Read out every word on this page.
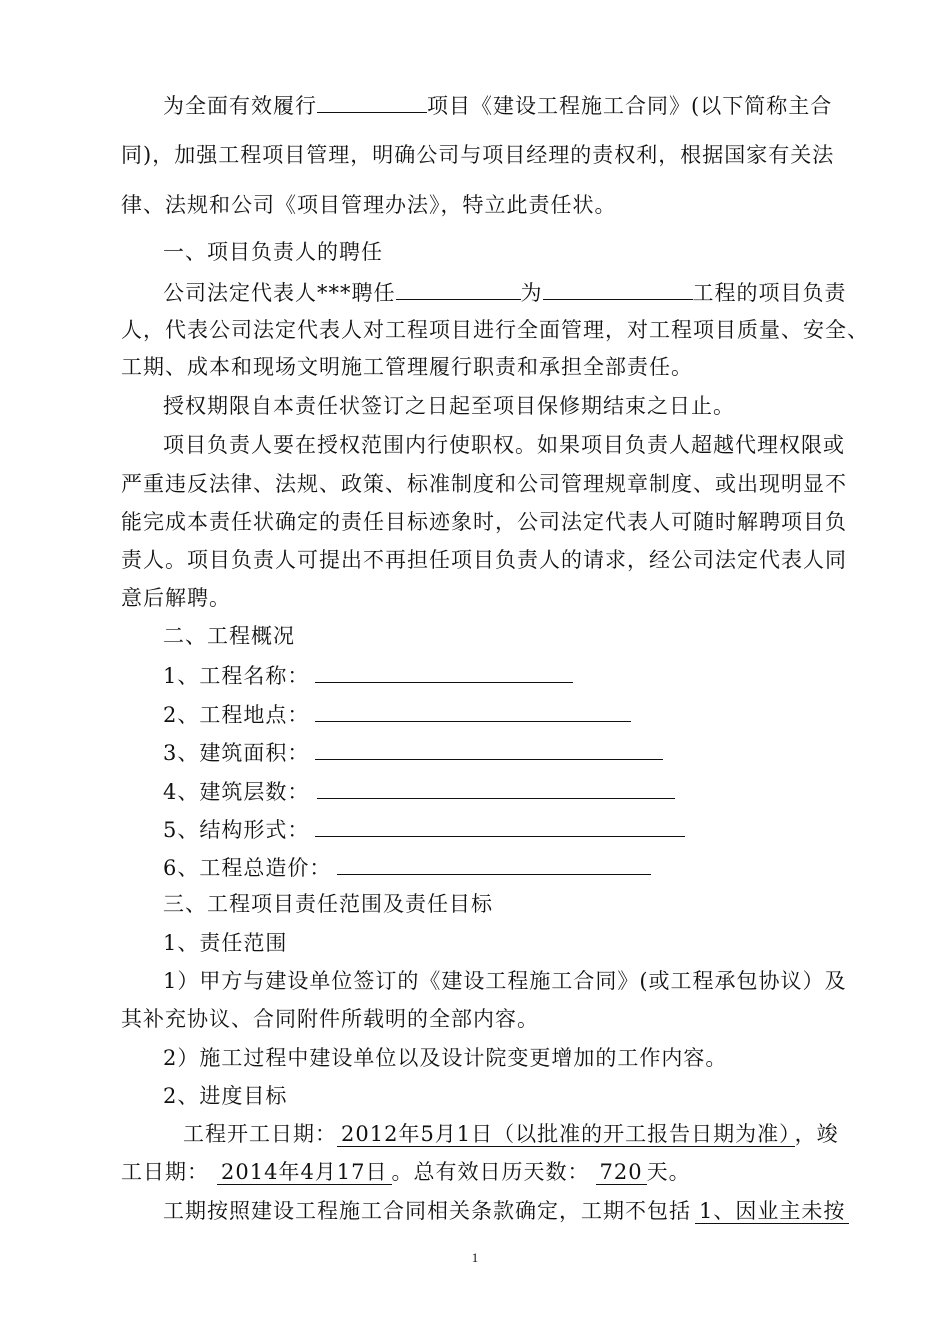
为全面有效履行	项目《建设工程施工合同》(以下简称主合
同)，加强工程项目管理，明确公司与项目经理的责权利，根据国家有关法
律、法规和公司《项目管理办法》，特立此责任状。
一、项目负责人的聘任
公司法定代表人***聘任	为	工程的项目负责
人，代表公司法定代表人对工程项目进行全面管理，对工程项目质量、安全、
工期、成本和现场文明施工管理履行职责和承担全部责任。
授权期限自本责任状签订之日起至项目保修期结束之日止。
项目负责人要在授权范围内行使职权。如果项目负责人超越代理权限或
严重违反法律、法规、政策、标准制度和公司管理规章制度、或出现明显不
能完成本责任状确定的责任目标迹象时，公司法定代表人可随时解聘项目负
责人。项目负责人可提出不再担任项目负责人的请求，经公司法定代表人同
意后解聘。
二、工程概况
1、工程名称：
2、工程地点：
3、建筑面积：
4、建筑层数：
5、结构形式：
6、工程总造价：
三、工程项目责任范围及责任目标
1、责任范围
1）甲方与建设单位签订的《建设工程施工合同》(或工程承包协议）及
其补充协议、合同附件所载明的全部内容。
2）施工过程中建设单位以及设计院变更增加的工作内容。
2、进度目标
工程开工日期： 2012年5月1日（以批准的开工报告日期为准） ，竣
工日期： 2014年4月17日 。总有效日历天数： 720 天。
工期按照建设工程施工合同相关条款确定，工期不包括 1、因业主未按
1
